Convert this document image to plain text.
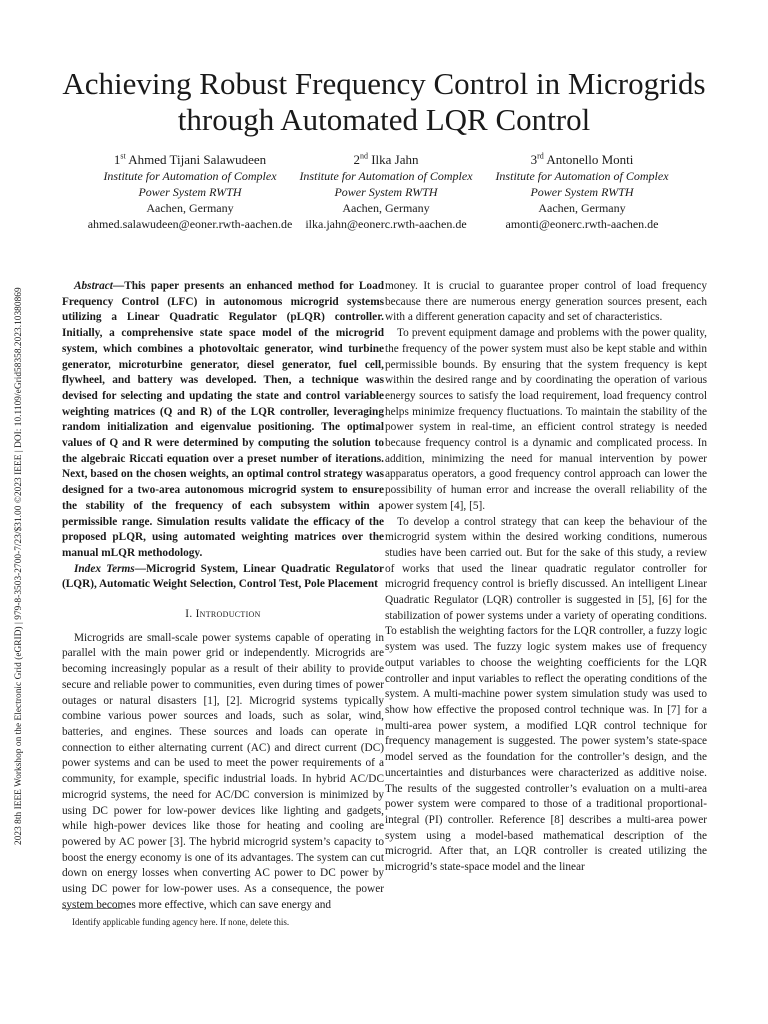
2023 8th IEEE Workshop on the Electronic Grid (eGRID) | 979-8-3503-2700-7/23/$31.00 ©2023 IEEE | DOI: 10.1109/eGrid58358.2023.10380869
Achieving Robust Frequency Control in Microgrids
through Automated LQR Control
1st Ahmed Tijani Salawudeen
Institute for Automation of Complex
Power System RWTH
Aachen, Germany
ahmed.salawudeen@eoner.rwth-aachen.de
2nd Ilka Jahn
Institute for Automation of Complex
Power System RWTH
Aachen, Germany
ilka.jahn@eonerc.rwth-aachen.de
3rd Antonello Monti
Institute for Automation of Complex
Power System RWTH
Aachen, Germany
amonti@eonerc.rwth-aachen.de

Abstract—This paper presents an enhanced method for Load Frequency Control (LFC) in autonomous microgrid systems utilizing a Linear Quadratic Regulator (pLQR) controller. Initially, a comprehensive state space model of the microgrid system, which combines a photovoltaic generator, wind turbine generator, microturbine generator, diesel generator, fuel cell, flywheel, and battery was developed. Then, a technique was devised for selecting and updating the state and control variable weighting matrices (Q and R) of the LQR controller, leveraging random initialization and eigenvalue positioning. The optimal values of Q and R were determined by computing the solution to the algebraic Riccati equation over a preset number of iterations. Next, based on the chosen weights, an optimal control strategy was designed for a two-area autonomous microgrid system to ensure the stability of the frequency of each subsystem within a permissible range. Simulation results validate the efficacy of the proposed pLQR, using automated weighting matrices over the manual mLQR methodology.

Index Terms—Microgrid System, Linear Quadratic Regulator (LQR), Automatic Weight Selection, Control Test, Pole Placement

I. Introduction

Microgrids are small-scale power systems capable of operating in parallel with the main power grid or independently. Microgrids are becoming increasingly popular as a result of their ability to provide secure and reliable power to communities, even during times of power outages or natural disasters [1], [2]. Microgrid systems typically combine various power sources and loads, such as solar, wind, batteries, and engines. These sources and loads can operate in connection to either alternating current (AC) and direct current (DC) power systems and can be used to meet the power requirements of a community, for example, specific industrial loads. In hybrid AC/DC microgrid systems, the need for AC/DC conversion is minimized by using DC power for low-power devices like lighting and gadgets, while high-power devices like those for heating and cooling are powered by AC power [3]. The hybrid microgrid system’s capacity to boost the energy economy is one of its advantages. The system can cut down on energy losses when converting AC power to DC power by using DC power for low-power uses. As a consequence, the power system becomes more effective, which can save energy and

money. It is crucial to guarantee proper control of load frequency because there are numerous energy generation sources present, each with a different generation capacity and set of characteristics.

To prevent equipment damage and problems with the power quality, the frequency of the power system must also be kept stable and within permissible bounds. By ensuring that the system frequency is kept within the desired range and by coordinating the operation of various energy sources to satisfy the load requirement, load frequency control helps minimize frequency fluctuations. To maintain the stability of the power system in real-time, an efficient control strategy is needed because frequency control is a dynamic and complicated process. In addition, minimizing the need for manual intervention by power apparatus operators, a good frequency control approach can lower the possibility of human error and increase the overall reliability of the power system [4], [5].

To develop a control strategy that can keep the behaviour of the microgrid system within the desired working conditions, numerous studies have been carried out. But for the sake of this study, a review of works that used the linear quadratic regulator controller for microgrid frequency control is briefly discussed. An intelligent Linear Quadratic Regulator (LQR) controller is suggested in [5], [6] for the stabilization of power systems under a variety of operating conditions. To establish the weighting factors for the LQR controller, a fuzzy logic system was used. The fuzzy logic system makes use of frequency output variables to choose the weighting coefficients for the LQR controller and input variables to reflect the operating conditions of the system. A multi-machine power system simulation study was used to show how effective the proposed control technique was. In [7] for a multi-area power system, a modified LQR control technique for frequency management is suggested. The power system’s state-space model served as the foundation for the controller’s design, and the uncertainties and disturbances were characterized as additive noise. The results of the suggested controller’s evaluation on a multi-area power system were compared to those of a traditional proportional-integral (PI) controller. Reference [8] describes a multi-area power system using a model-based mathematical description of the microgrid. After that, an LQR controller is created utilizing the microgrid’s state-space model and the linear

Identify applicable funding agency here. If none, delete this.
